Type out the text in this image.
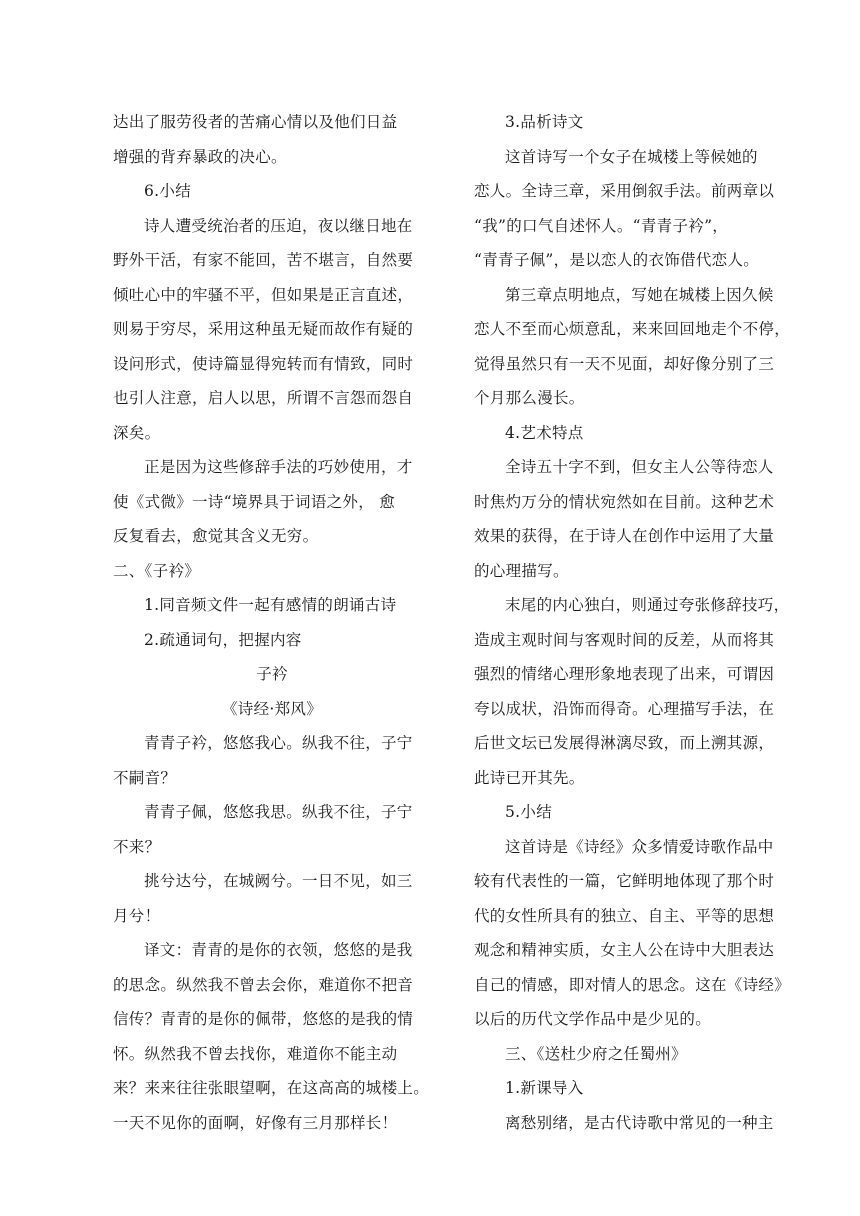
达出了服劳役者的苦痛心情以及他们日益
增强的背弃暴政的决心。
6.小结
诗人遭受统治者的压迫，夜以继日地在
野外干活，有家不能回，苦不堪言，自然要
倾吐心中的牢骚不平，但如果是正言直述，
则易于穷尽，采用这种虽无疑而故作有疑的
设问形式，使诗篇显得宛转而有情致，同时
也引人注意，启人以思，所谓不言怨而怨自
深矣。
正是因为这些修辞手法的巧妙使用，才
使《式微》一诗“境界具于词语之外， 愈
反复看去，愈觉其含义无穷。
二、《子衿》
1.同音频文件一起有感情的朗诵古诗
2.疏通词句，把握内容
子衿
《诗经·郑风》
青青子衿，悠悠我心。纵我不往，子宁
不嗣音？
青青子佩，悠悠我思。纵我不往，子宁
不来？
挑兮达兮，在城阙兮。一日不见，如三
月兮！
译文：青青的是你的衣领，悠悠的是我
的思念。纵然我不曾去会你，难道你不把音
信传？青青的是你的佩带，悠悠的是我的情
怀。纵然我不曾去找你，难道你不能主动
来？来来往往张眼望啊，在这高高的城楼上。
一天不见你的面啊，好像有三月那样长！
3.品析诗文
这首诗写一个女子在城楼上等候她的
恋人。全诗三章，采用倒叙手法。前两章以
“我”的口气自述怀人。“青青子衿”，
“青青子佩”，是以恋人的衣饰借代恋人。
第三章点明地点，写她在城楼上因久候
恋人不至而心烦意乱，来来回回地走个不停，
觉得虽然只有一天不见面，却好像分别了三
个月那么漫长。
4.艺术特点
全诗五十字不到，但女主人公等待恋人
时焦灼万分的情状宛然如在目前。这种艺术
效果的获得，在于诗人在创作中运用了大量
的心理描写。
末尾的内心独白，则通过夸张修辞技巧，
造成主观时间与客观时间的反差，从而将其
强烈的情绪心理形象地表现了出来，可谓因
夸以成状，沿饰而得奇。心理描写手法，在
后世文坛已发展得淋漓尽致，而上溯其源，
此诗已开其先。
5.小结
这首诗是《诗经》众多情爱诗歌作品中
较有代表性的一篇，它鲜明地体现了那个时
代的女性所具有的独立、自主、平等的思想
观念和精神实质，女主人公在诗中大胆表达
自己的情感，即对情人的思念。这在《诗经》
以后的历代文学作品中是少见的。
三、《送杜少府之任蜀州》
1.新课导入
离愁别绪，是古代诗歌中常见的一种主
